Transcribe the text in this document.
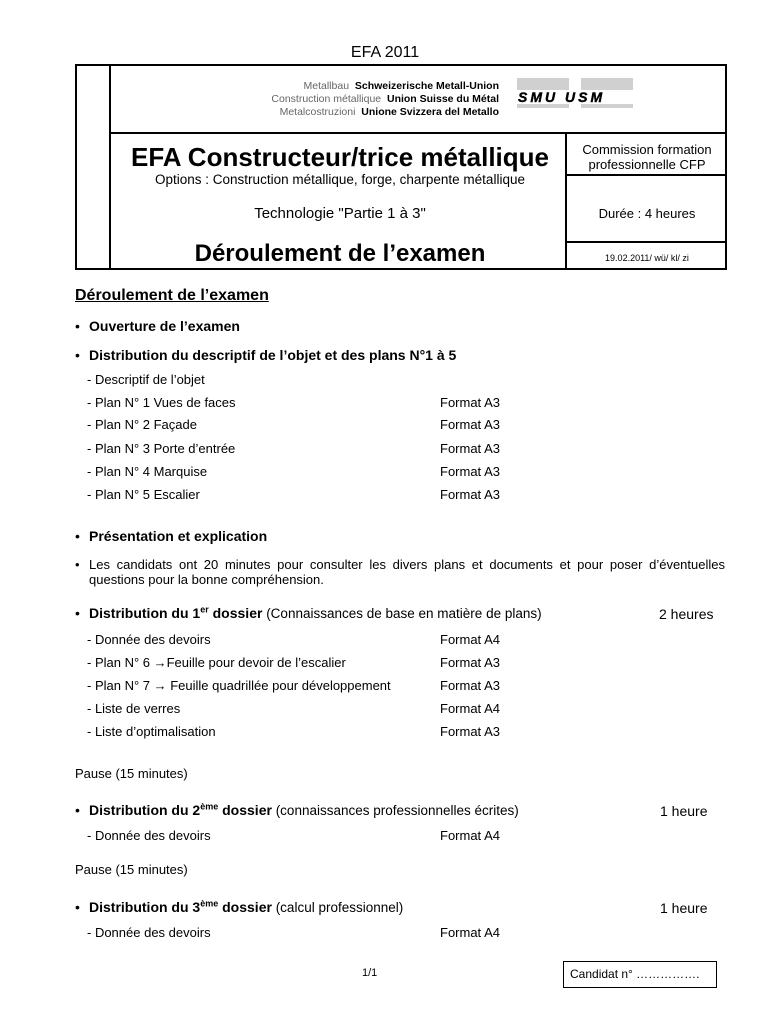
EFA 2011
Metallbau Schweizerische Metall-Union
Construction métallique Union Suisse du Métal
Metalcostruzioni Unione Svizzera del Metallo
SMU USM
EFA Constructeur/trice métallique
Options : Construction métallique, forge, charpente métallique
Technologie "Partie 1 à 3"
Déroulement de l’examen
Commission formation professionnelle CFP
Durée : 4 heures
19.02.2011/ wü/ kl/ zi
Déroulement de l’examen
• Ouverture de l’examen
• Distribution du descriptif de l’objet et des plans N°1 à 5
- Descriptif de l’objet
- Plan N° 1 Vues de faces	Format A3
- Plan N° 2 Façade	Format A3
- Plan N° 3 Porte d’entrée	Format A3
- Plan N° 4 Marquise	Format A3
- Plan N° 5 Escalier	Format A3
• Présentation et explication
• Les candidats ont 20 minutes pour consulter les divers plans et documents et pour poser d’éventuelles questions pour la bonne compréhension.
• Distribution du 1er dossier (Connaissances de base en matière de plans)	2 heures
- Donnée des devoirs	Format A4
- Plan N° 6 →Feuille pour devoir de l’escalier	Format A3
- Plan N° 7 → Feuille quadrillée pour développement	Format A3
- Liste de verres	Format A4
- Liste d’optimalisation	Format A3
Pause (15 minutes)
• Distribution du 2ème dossier (connaissances professionnelles écrites)	1 heure
- Donnée des devoirs	Format A4
Pause (15 minutes)
• Distribution du 3ème dossier (calcul professionnel)	1 heure
- Donnée des devoirs	Format A4
1/1	Candidat n° …………….
